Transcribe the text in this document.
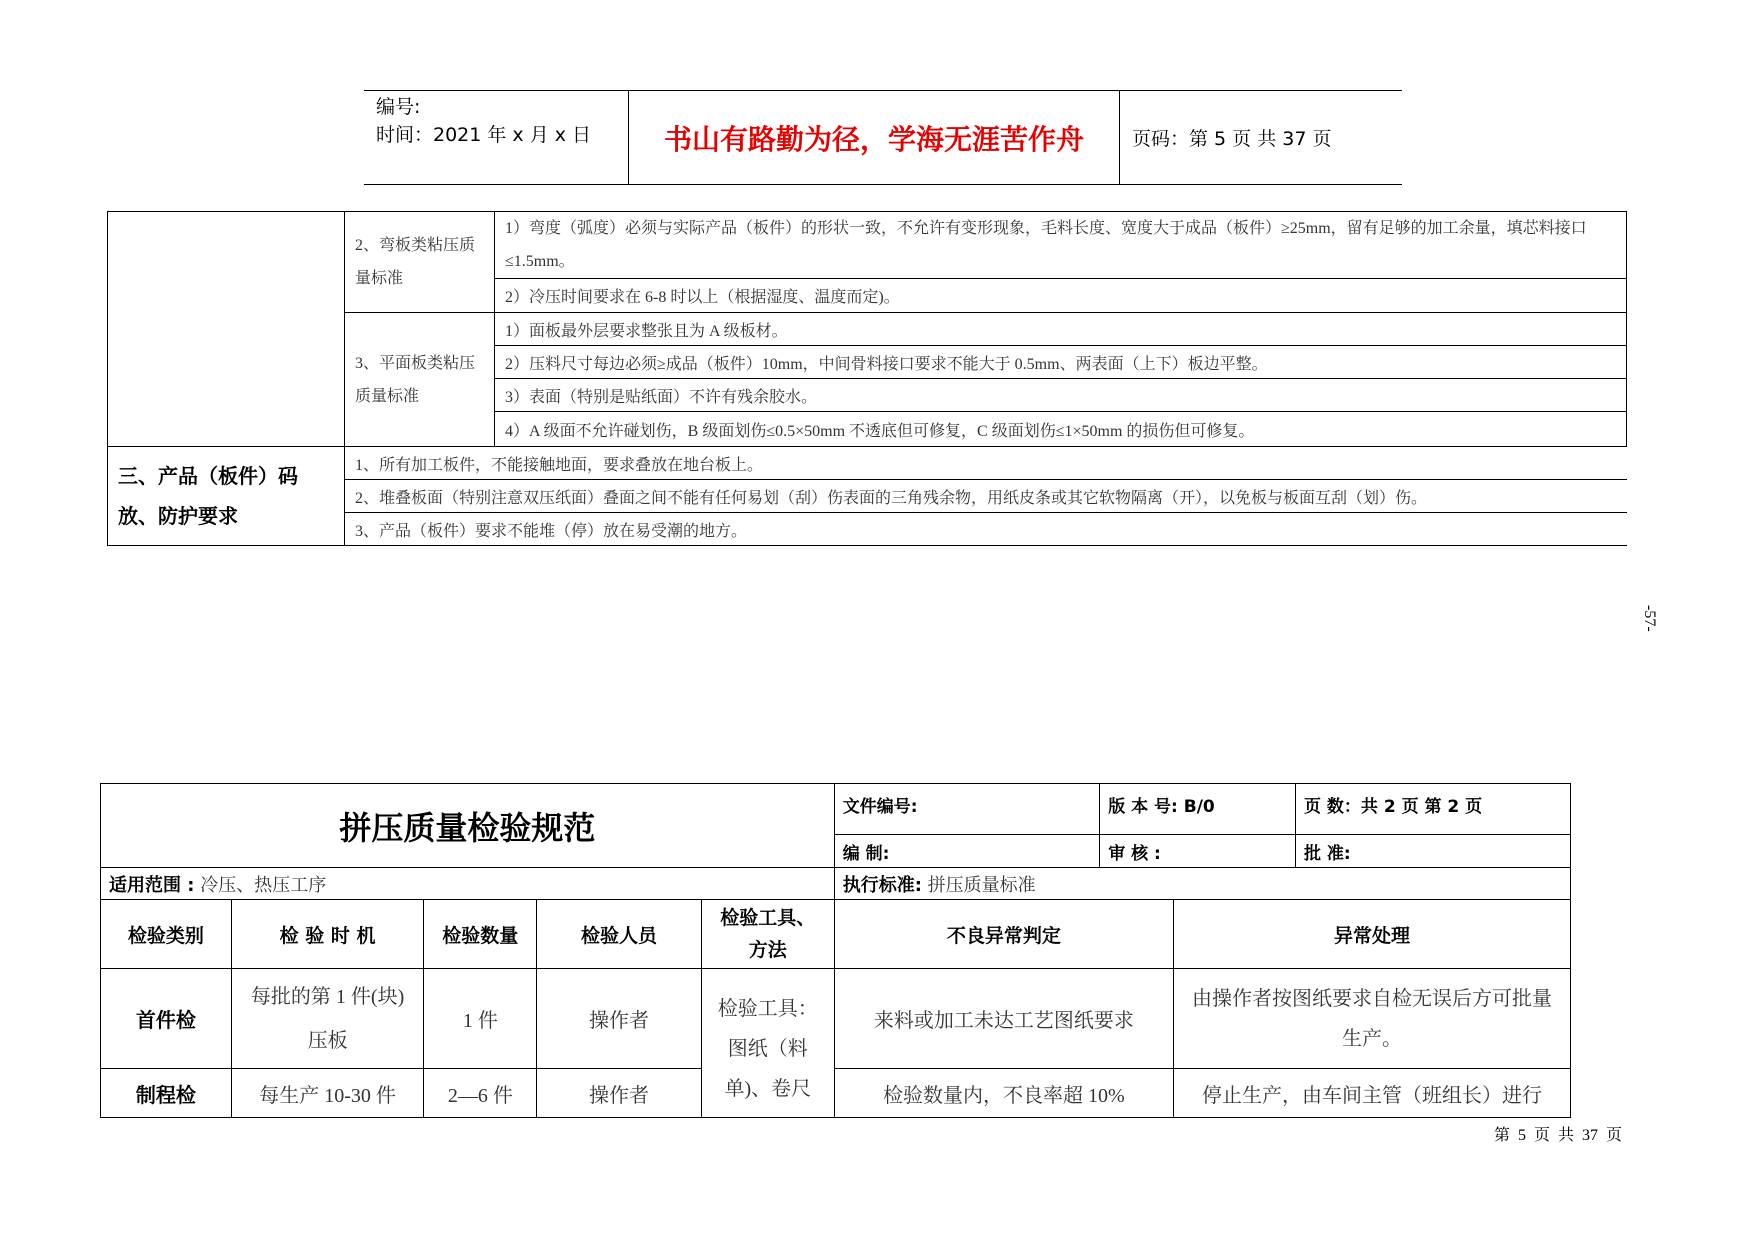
编号:
时间：2021 年 x 月 x 日	书山有路勤为径，学海无涯苦作舟	页码：第 5 页 共 37 页
	2、弯板类粘压质量标准	1）弯度（弧度）必须与实际产品（板件）的形状一致，不允许有变形现象，毛料长度、宽度大于成品（板件）≥25mm，留有足够的加工余量，填芯料接口≤1.5mm。
		2）冷压时间要求在 6-8 时以上（根据湿度、温度而定)。
	3、平面板类粘压质量标准	1）面板最外层要求整张且为 A 级板材。
		2）压料尺寸每边必须≥成品（板件）10mm，中间骨料接口要求不能大于 0.5mm、两表面（上下）板边平整。
		3）表面（特别是贴纸面）不许有残余胶水。
		4）A 级面不允许碰划伤，B 级面划伤≤0.5×50mm 不透底但可修复，C 级面划伤≤1×50mm 的损伤但可修复。

三、产品（板件）码放、防护要求	1、所有加工板件，不能接触地面，要求叠放在地台板上。	
	2、堆叠板面（特别注意双压纸面）叠面之间不能有任何易划（刮）伤表面的三角残余物，用纸皮条或其它软物隔离（开），以免板与板面互刮（划）伤。	
	3、产品（板件）要求不能堆（停）放在易受潮的地方。	
-57-
拼压质量检验规范					文件编号:	版 本 号: B/0		页 数：共 2 页 第 2 页
					编 制:	审 核 :		批 准:
适用范围 : 冷压、热压工序					执行标准: 拼压质量标准			
检验类别	检 验 时 机	检验数量	检验人员	检验工具、方法	不良异常判定		异常处理	
首件检	每批的第 1 件(块)压板	1 件	操作者	检验工具：图纸（料单)、卷尺	来料或加工未达工艺图纸要求		由操作者按图纸要求自检无误后方可批量生产。	
制程检	每生产 10-30 件	2—6 件	操作者		检验数量内，不良率超 10%		停止生产，由车间主管（班组长）进行	
第 5 页 共 37 页
